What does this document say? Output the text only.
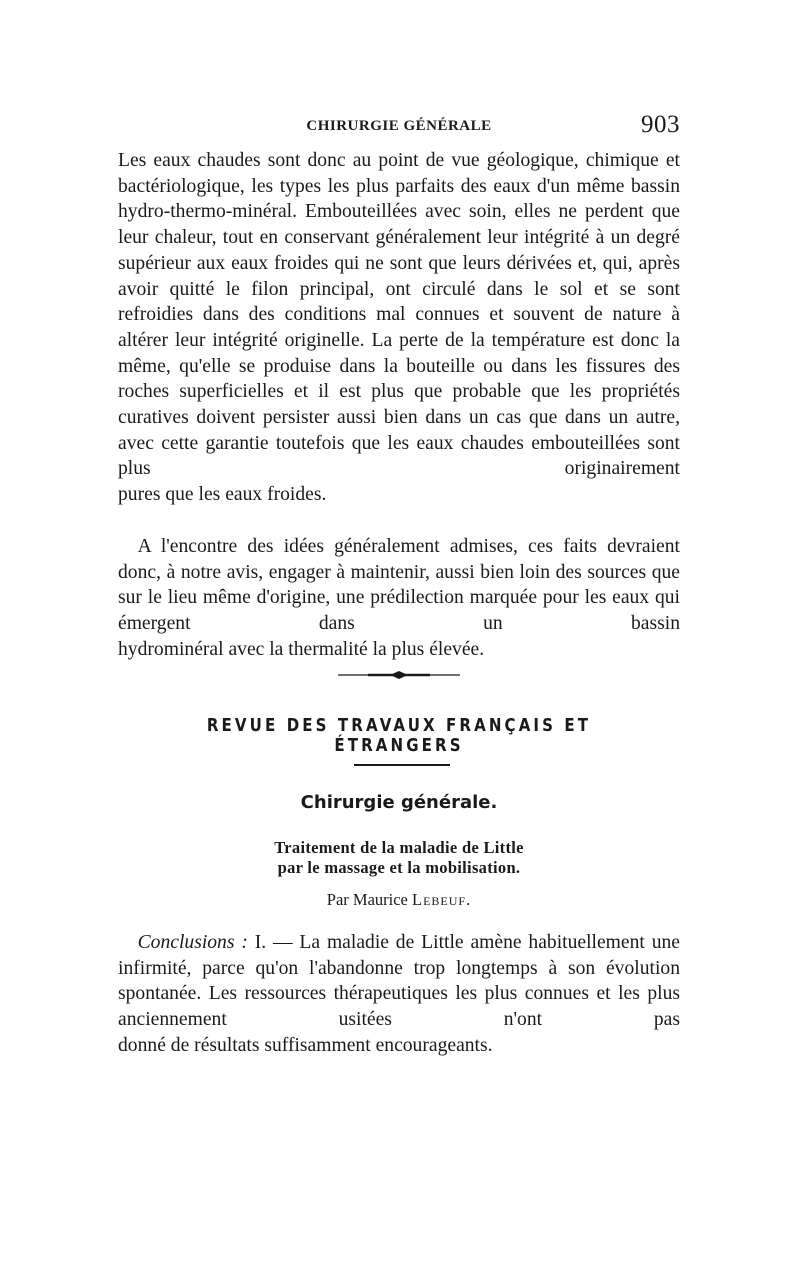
CHIRURGIE GÉNÉRALE	903

Les eaux chaudes sont donc au point de vue géologique, chimique et bactériologique, les types les plus parfaits des eaux d'un même bassin hydro-thermo-minéral. Embouteillées avec soin, elles ne perdent que leur chaleur, tout en conservant généralement leur intégrité à un degré supérieur aux eaux froides qui ne sont que leurs dérivées et, qui, après avoir quitté le filon principal, ont circulé dans le sol et se sont refroidies dans des conditions mal connues et souvent de nature à altérer leur intégrité originelle. La perte de la température est donc la même, qu'elle se produise dans la bouteille ou dans les fissures des roches superficielles et il est plus que probable que les propriétés curatives doivent persister aussi bien dans un cas que dans un autre, avec cette garantie toutefois que les eaux chaudes embouteillées sont plus originairement
pures que les eaux froides.

 A l'encontre des idées généralement admises, ces faits devraient donc, à notre avis, engager à maintenir, aussi bien loin des sources que sur le lieu même d'origine, une prédilection marquée pour les eaux qui émergent dans un bassin
hydrominéral avec la thermalité la plus élevée.

REVUE DES TRAVAUX FRANÇAIS ET ÉTRANGERS
Chirurgie générale.
Traitement de la maladie de Little
par le massage et la mobilisation.

Par Maurice Lebeuf.

 Conclusions : I. — La maladie de Little amène habituellement une infirmité, parce qu'on l'abandonne trop longtemps à son évolution spontanée. Les ressources thérapeutiques les plus connues et les plus anciennement usitées n'ont pas
donné de résultats suffisamment encourageants.
